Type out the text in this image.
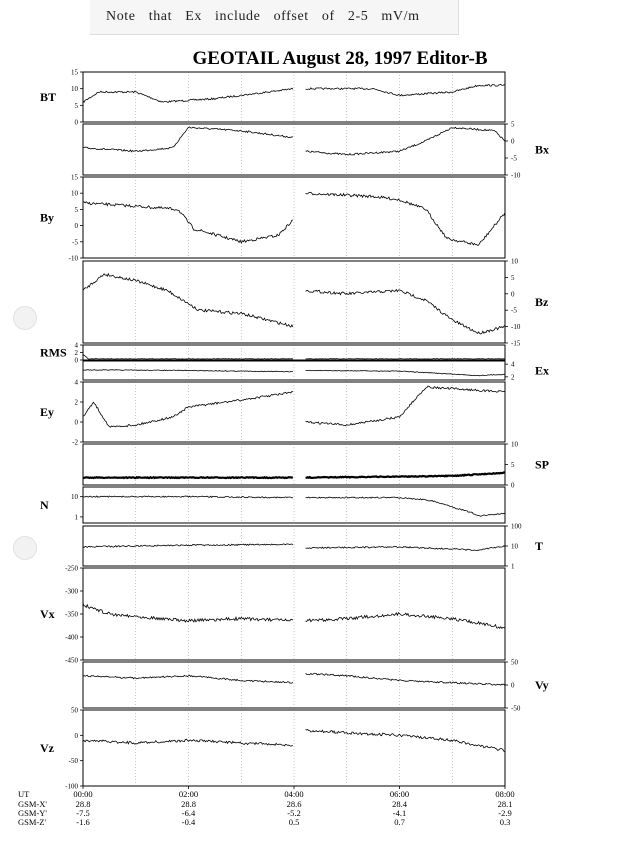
Note that Ex include offset of 2-5 mV/m
GEOTAIL August 28, 1997 Editor-B
15
10
5
0
BT
5
0
-5
-10
Bx
15
10
5
0
-5
-10
By
10
5
0
-5
-10
-15
Bz
4
2
0
RMS
4
2 Ex
4
2
0
-2
Ey
10
5
0
SP
10
1
N
100
10
1
T
-250
-300
-350
-400
-450
Vx
50
0
-50
Vy
50
0
-50
-100
Vz
UT	00:00	02:00	04:00	06:00	08:00
GSM-X'	28.8	28.8	28.6	28.4	28.1
GSM-Y'	-7.5	-6.4	-5.2	-4.1	-2.9
GSM-Z'	-1.6	-0.4	0.5	0.7	0.3
